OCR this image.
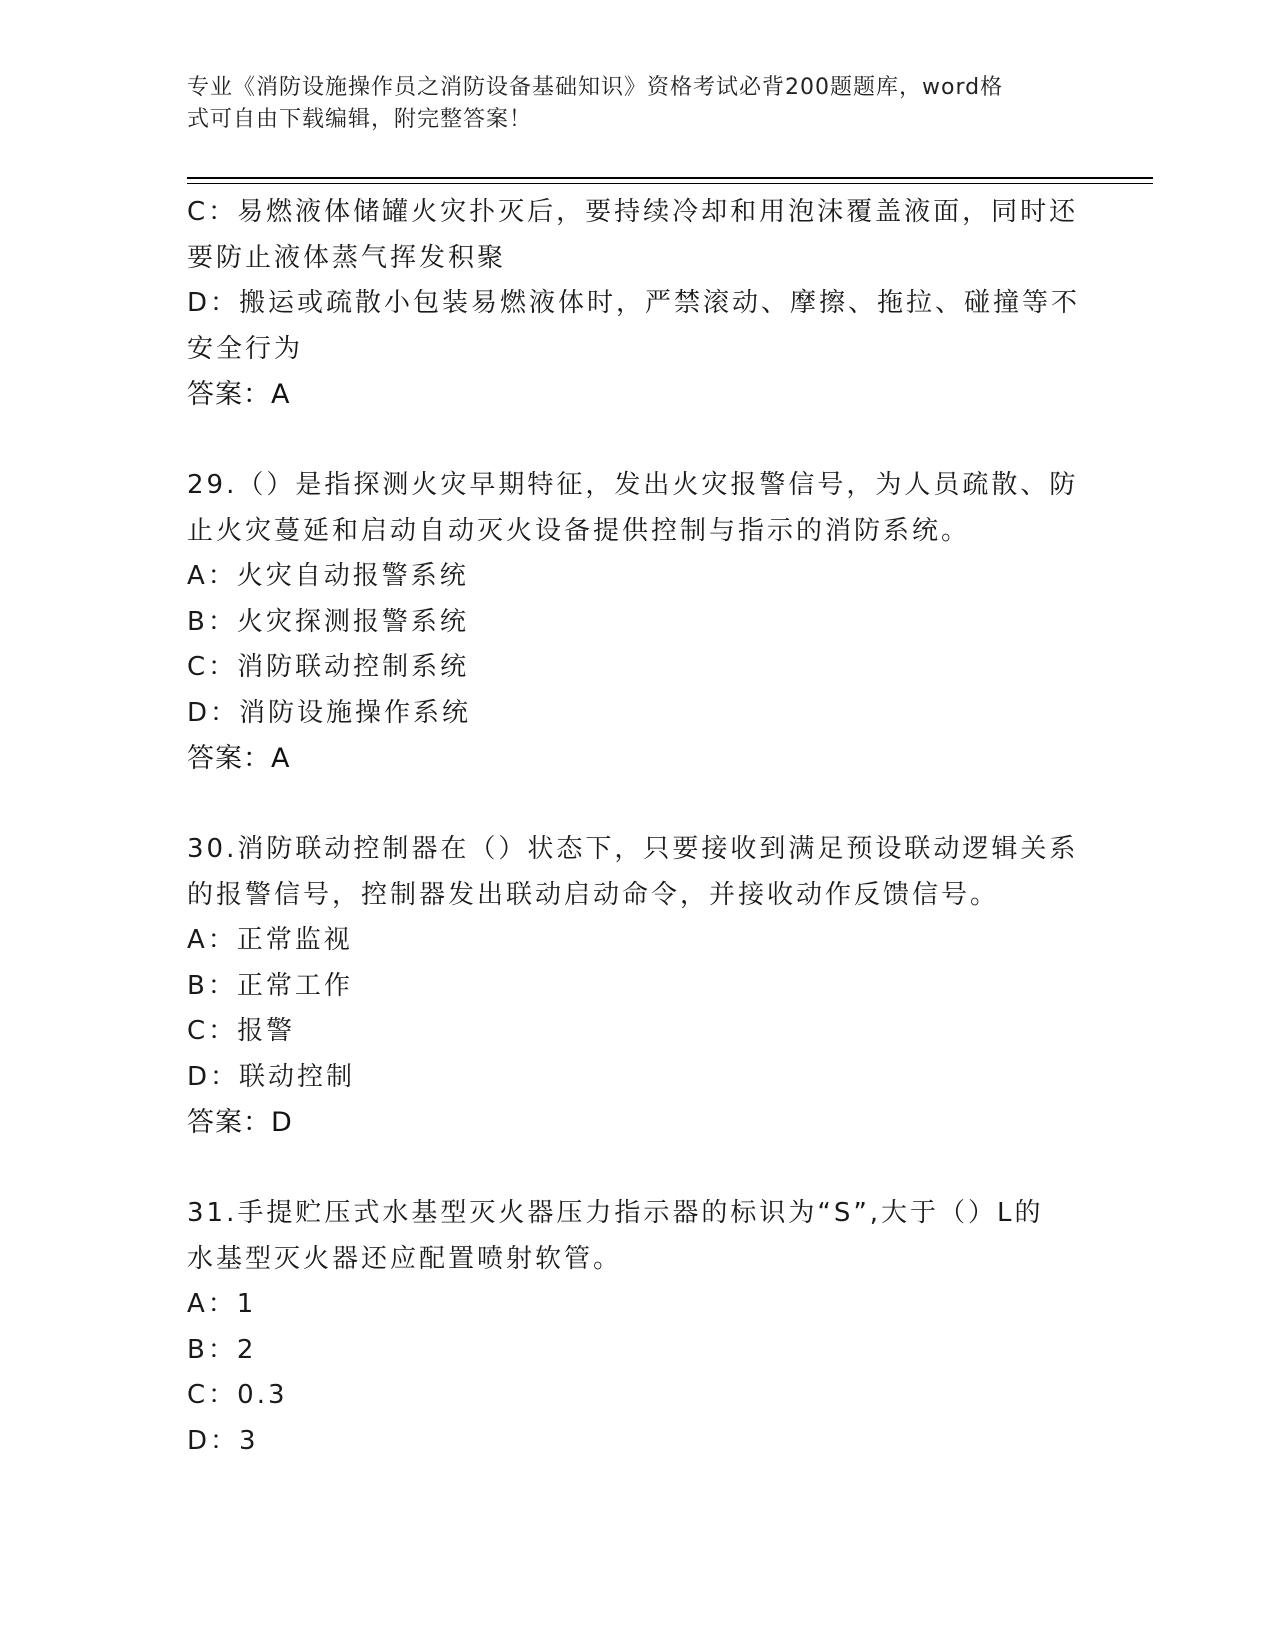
专业《消防设施操作员之消防设备基础知识》资格考试必背200题题库，word格
式可自由下载编辑，附完整答案！
C：易燃液体储罐火灾扑灭后，要持续冷却和用泡沫覆盖液面，同时还
要防止液体蒸气挥发积聚
D：搬运或疏散小包装易燃液体时，严禁滚动、摩擦、拖拉、碰撞等不
安全行为
答案：A
29.（）是指探测火灾早期特征，发出火灾报警信号，为人员疏散、防
止火灾蔓延和启动自动灭火设备提供控制与指示的消防系统。
A：火灾自动报警系统
B：火灾探测报警系统
C：消防联动控制系统
D：消防设施操作系统
答案：A
30.消防联动控制器在（）状态下，只要接收到满足预设联动逻辑关系
的报警信号，控制器发出联动启动命令，并接收动作反馈信号。
A：正常监视
B：正常工作
C：报警
D：联动控制
答案：D
31.手提贮压式水基型灭火器压力指示器的标识为“S”,大于（）L的
水基型灭火器还应配置喷射软管。
A：1
B：2
C：0.3
D：3
